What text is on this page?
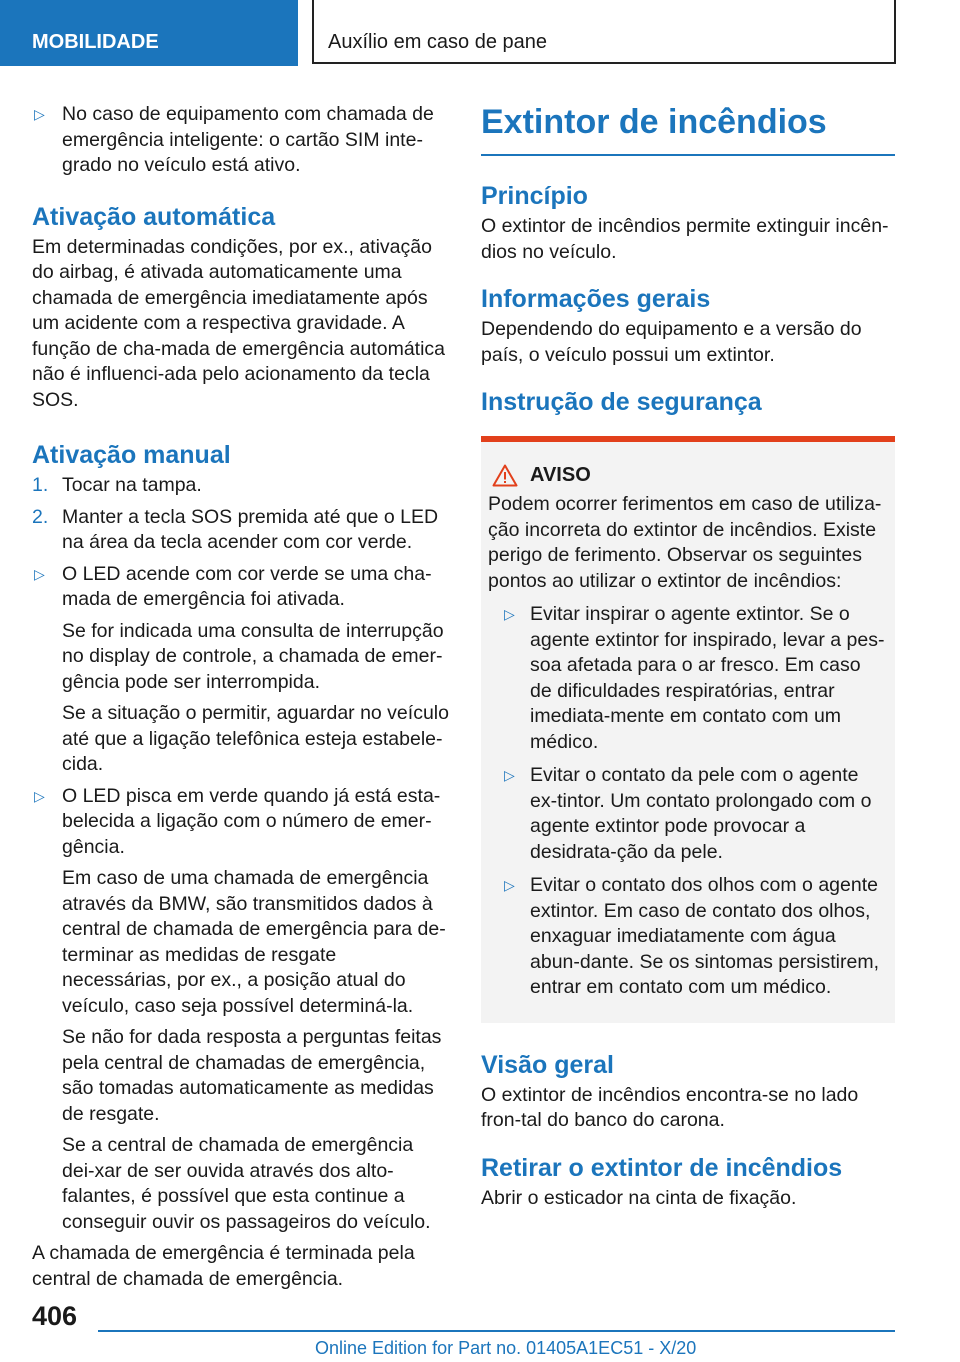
MOBILIDADE	Auxílio em caso de pane
▷ No caso de equipamento com chamada de emergência inteligente: o cartão SIM inte-grado no veículo está ativo.
Ativação automática
Em determinadas condições, por ex., ativação do airbag, é ativada automaticamente uma chamada de emergência imediatamente após um acidente com a respectiva gravidade. A função de cha-mada de emergência automática não é influenci-ada pelo acionamento da tecla SOS.
Ativação manual
1. Tocar na tampa.
2. Manter a tecla SOS premida até que o LED na área da tecla acender com cor verde.
▷ O LED acende com cor verde se uma cha-mada de emergência foi ativada.
Se for indicada uma consulta de interrupção no display de controle, a chamada de emer-gência pode ser interrompida.
Se a situação o permitir, aguardar no veículo até que a ligação telefônica esteja estabele-cida.
▷ O LED pisca em verde quando já está esta-belecida a ligação com o número de emer-gência.
Em caso de uma chamada de emergência através da BMW, são transmitidos dados à central de chamada de emergência para de-terminar as medidas de resgate necessárias, por ex., a posição atual do veículo, caso seja possível determiná-la.
Se não for dada resposta a perguntas feitas pela central de chamadas de emergência, são tomadas automaticamente as medidas de resgate.
Se a central de chamada de emergência dei-xar de ser ouvida através dos alto-falantes, é possível que esta continue a conseguir ouvir os passageiros do veículo.
A chamada de emergência é terminada pela central de chamada de emergência.
Extintor de incêndios
Princípio
O extintor de incêndios permite extinguir incên-dios no veículo.
Informações gerais
Dependendo do equipamento e a versão do país, o veículo possui um extintor.
Instrução de segurança
AVISO
Podem ocorrer ferimentos em caso de utiliza-ção incorreta do extintor de incêndios. Existe perigo de ferimento. Observar os seguintes pontos ao utilizar o extintor de incêndios:
▷ Evitar inspirar o agente extintor. Se o agente extintor for inspirado, levar a pes-soa afetada para o ar fresco. Em caso de dificuldades respiratórias, entrar imediata-mente em contato com um médico.
▷ Evitar o contato da pele com o agente ex-tintor. Um contato prolongado com o agente extintor pode provocar a desidrata-ção da pele.
▷ Evitar o contato dos olhos com o agente extintor. Em caso de contato dos olhos, enxaguar imediatamente com água abun-dante. Se os sintomas persistirem, entrar em contato com um médico.
Visão geral
O extintor de incêndios encontra-se no lado fron-tal do banco do carona.
Retirar o extintor de incêndios
Abrir o esticador na cinta de fixação.
406
Online Edition for Part no. 01405A1EC51 - X/20
